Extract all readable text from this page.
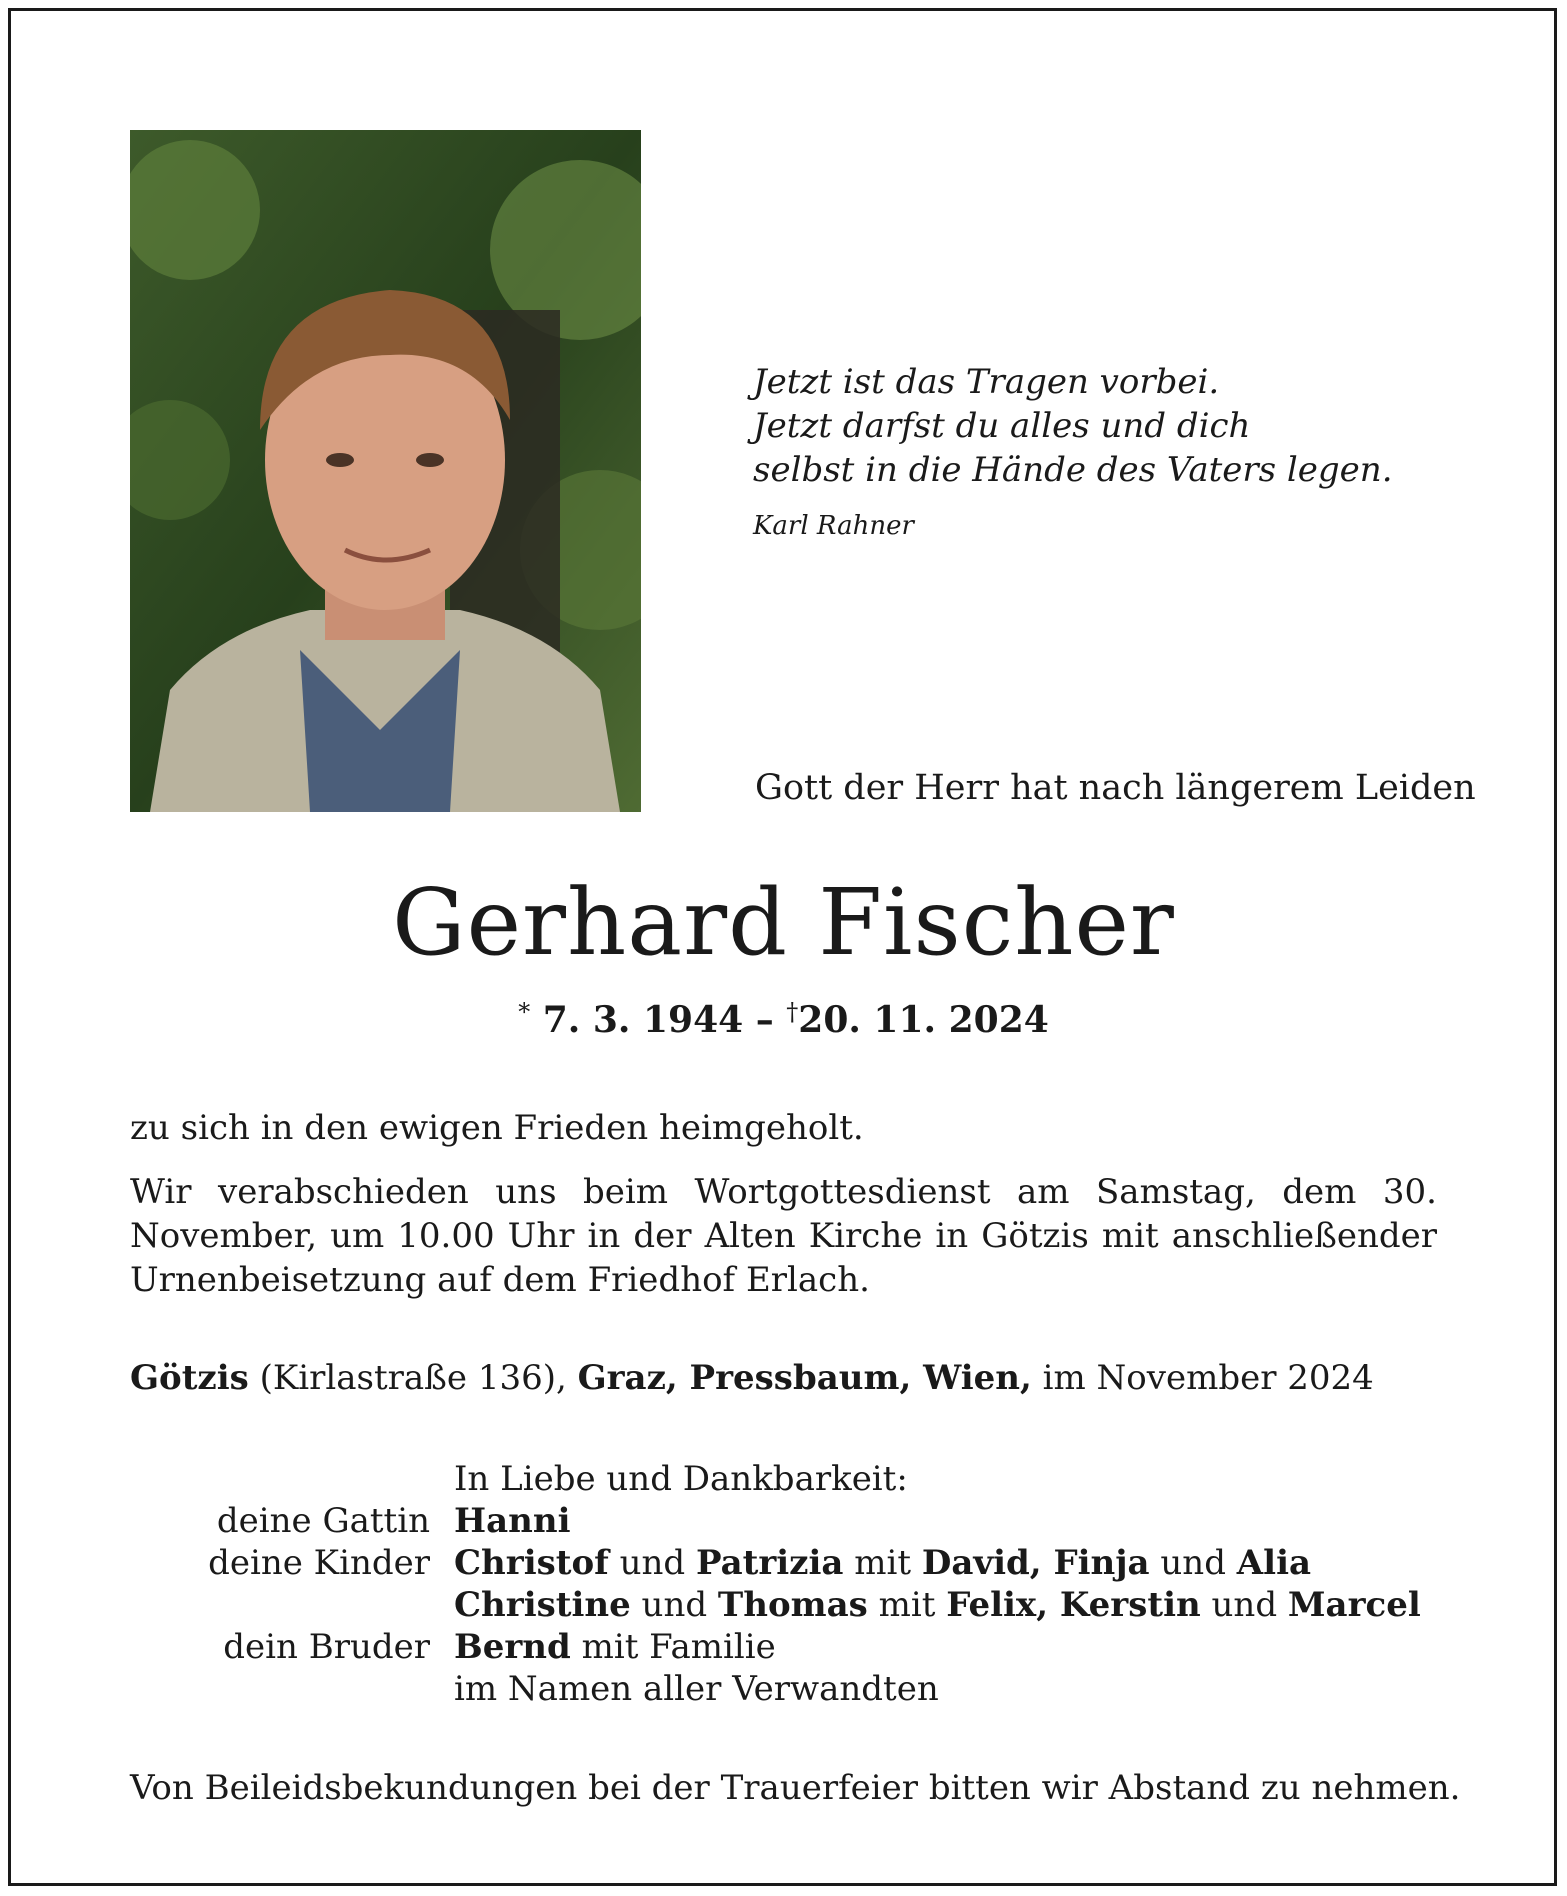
Jetzt ist das Tragen vorbei.
Jetzt darfst du alles und dich
selbst in die Hände des Vaters legen.
Karl Rahner
Gott der Herr hat nach längerem Leiden
Gerhard Fischer
* 7. 3. 1944 – †20. 11. 2024
zu sich in den ewigen Frieden heimgeholt.
Wir verabschieden uns beim Wortgottesdienst am Samstag, dem 30. November, um 10.00 Uhr in der Alten Kirche in Götzis mit anschließender Urnenbeisetzung auf dem Friedhof Erlach.
Götzis (Kirlastraße 136), Graz, Pressbaum, Wien, im November 2024
In Liebe und Dankbarkeit:
deine Gattin Hanni
deine Kinder Christof und Patrizia mit David, Finja und Alia
Christine und Thomas mit Felix, Kerstin und Marcel
dein Bruder Bernd mit Familie
im Namen aller Verwandten
Von Beileidsbekundungen bei der Trauerfeier bitten wir Abstand zu nehmen.
